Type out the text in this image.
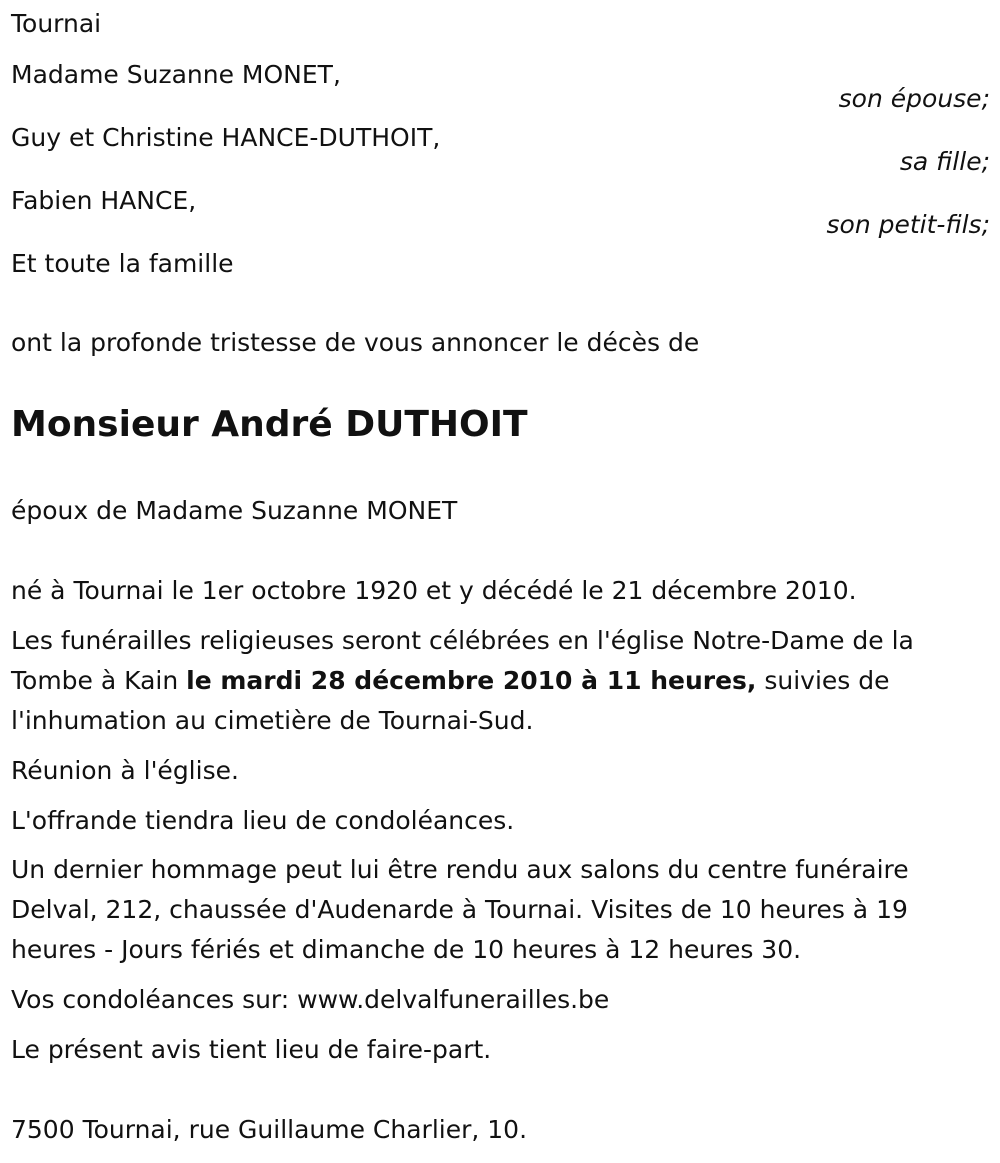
Tournai
Madame Suzanne MONET,
son épouse;
Guy et Christine HANCE-DUTHOIT,
sa fille;
Fabien HANCE,
son petit-fils;
Et toute la famille
ont la profonde tristesse de vous annoncer le décès de
Monsieur André DUTHOIT
époux de Madame Suzanne MONET
né à Tournai le 1er octobre 1920 et y décédé le 21 décembre 2010.
Les funérailles religieuses seront célébrées en l'église Notre-Dame de la Tombe à Kain le mardi 28 décembre 2010 à 11 heures, suivies de l'inhumation au cimetière de Tournai-Sud.
Réunion à l'église.
L'offrande tiendra lieu de condoléances.
Un dernier hommage peut lui être rendu aux salons du centre funéraire Delval, 212, chaussée d'Audenarde à Tournai. Visites de 10 heures à 19 heures - Jours fériés et dimanche de 10 heures à 12 heures 30.
Vos condoléances sur: www.delvalfunerailles.be
Le présent avis tient lieu de faire-part.
7500 Tournai, rue Guillaume Charlier, 10.
